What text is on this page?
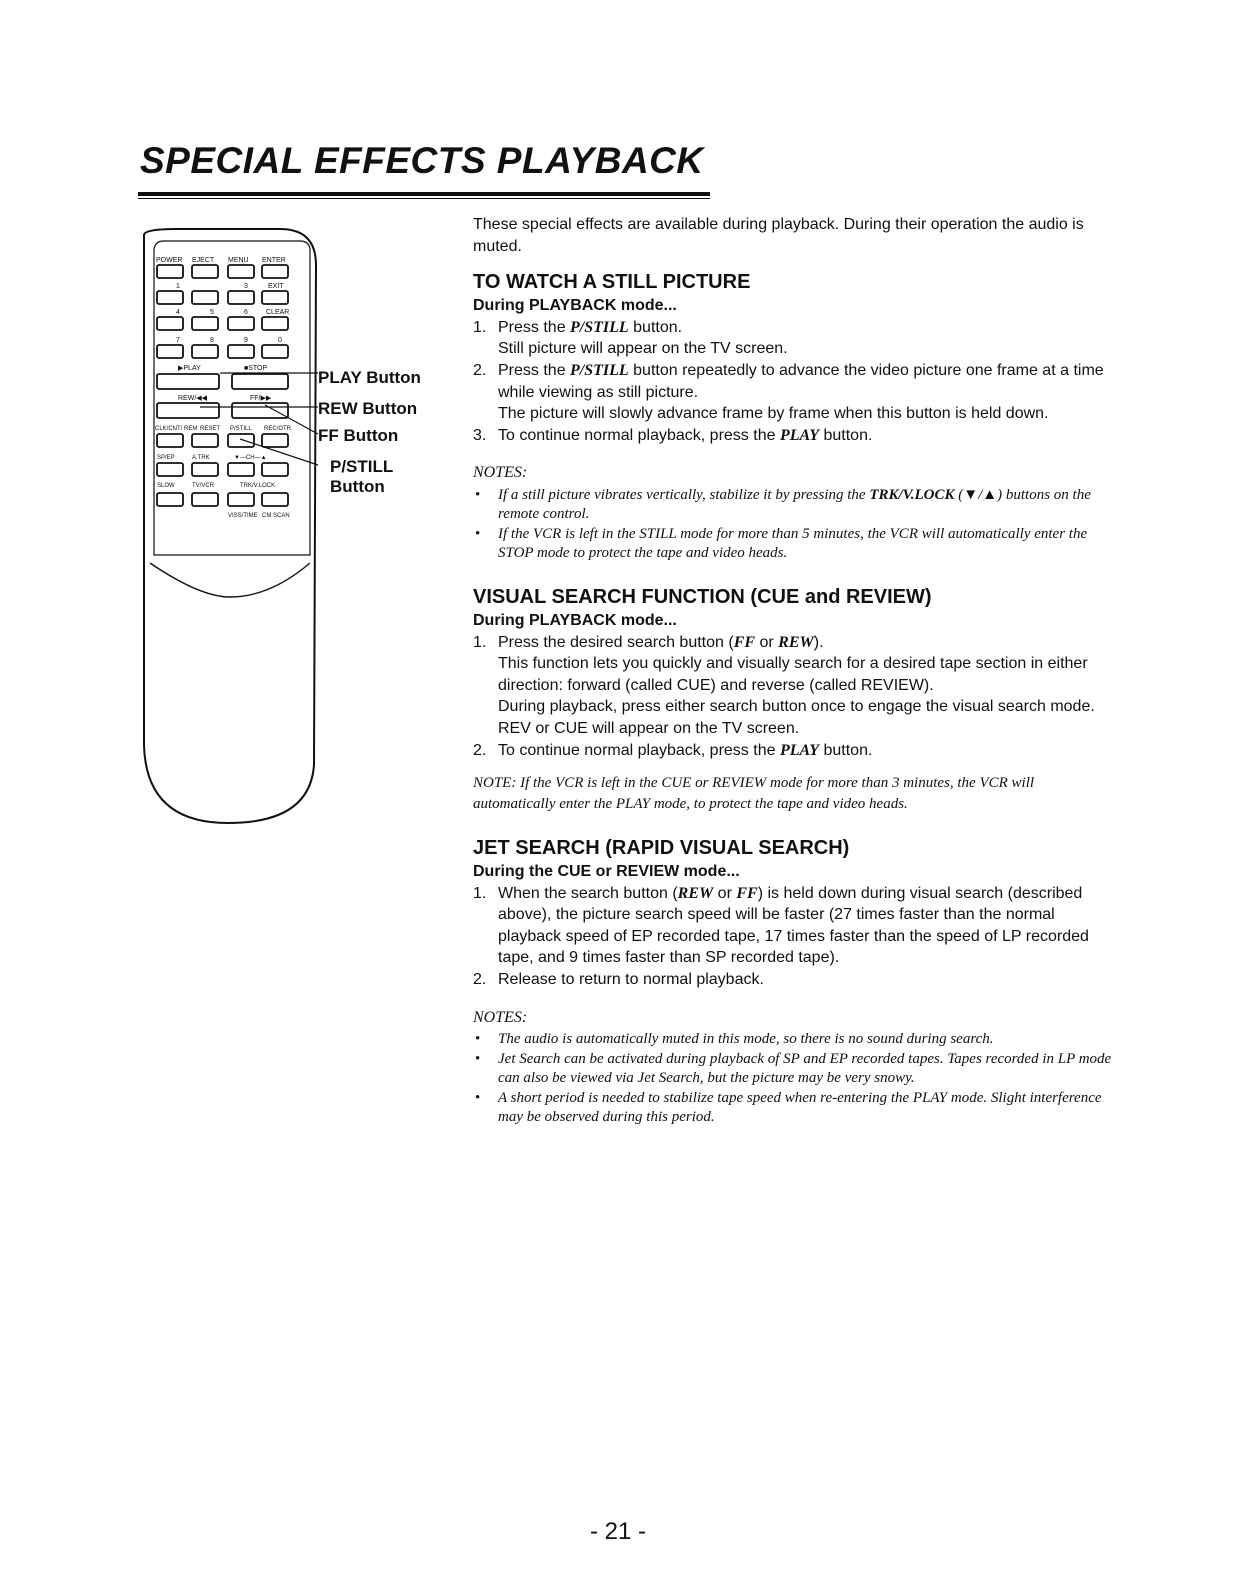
SPECIAL EFFECTS PLAYBACK
POWER EJECT MENU ENTER
1	3	EXIT
4	5	6	CLEAR
7	8	9	0
▶PLAY	■STOP
REW/◀◀	FF/▶▶
CLK/CNT/ REM RESET P/STILL REC/OTR
SP/EP	A.TRK	▼—CH—▲
SLOW	TV/VCR	TRK/V.LOCK
VISS/TIME CM SCAN
PLAY Button
REW Button
FF Button
P/STILL
Button

These special effects are available during playback. During their operation the audio is muted.

TO WATCH A STILL PICTURE

During PLAYBACK mode...

1. Press the P/STILL button.
Still picture will appear on the TV screen.
2. Press the P/STILL button repeatedly to advance the video picture one frame at a time while viewing as still picture.
The picture will slowly advance frame by frame when this button is held down.
3. To continue normal playback, press the PLAY button.

NOTES:

• If a still picture vibrates vertically, stabilize it by pressing the TRK/V.LOCK (▼/▲) buttons on the remote control.
• If the VCR is left in the STILL mode for more than 5 minutes, the VCR will automatically enter the STOP mode to protect the tape and video heads.
VISUAL SEARCH FUNCTION (CUE and REVIEW)

During PLAYBACK mode...

1. Press the desired search button (FF or REW).
This function lets you quickly and visually search for a desired tape section in either direction: forward (called CUE) and reverse (called REVIEW).
During playback, press either search button once to engage the visual search mode. REV or CUE will appear on the TV screen.
2. To continue normal playback, press the PLAY button.

NOTE: If the VCR is left in the CUE or REVIEW mode for more than 3 minutes, the VCR will automatically enter the PLAY mode, to protect the tape and video heads.

JET SEARCH (RAPID VISUAL SEARCH)

During the CUE or REVIEW mode...

1. When the search button (REW or FF) is held down during visual search (described above), the picture search speed will be faster (27 times faster than the normal playback speed of EP recorded tape, 17 times faster than the speed of LP recorded tape, and 9 times faster than SP recorded tape).
2. Release to return to normal playback.

NOTES:

• The audio is automatically muted in this mode, so there is no sound during search.
• Jet Search can be activated during playback of SP and EP recorded tapes. Tapes recorded in LP mode can also be viewed via Jet Search, but the picture may be very snowy.
• A short period is needed to stabilize tape speed when re-entering the PLAY mode. Slight interference may be observed during this period.
- 21 -
